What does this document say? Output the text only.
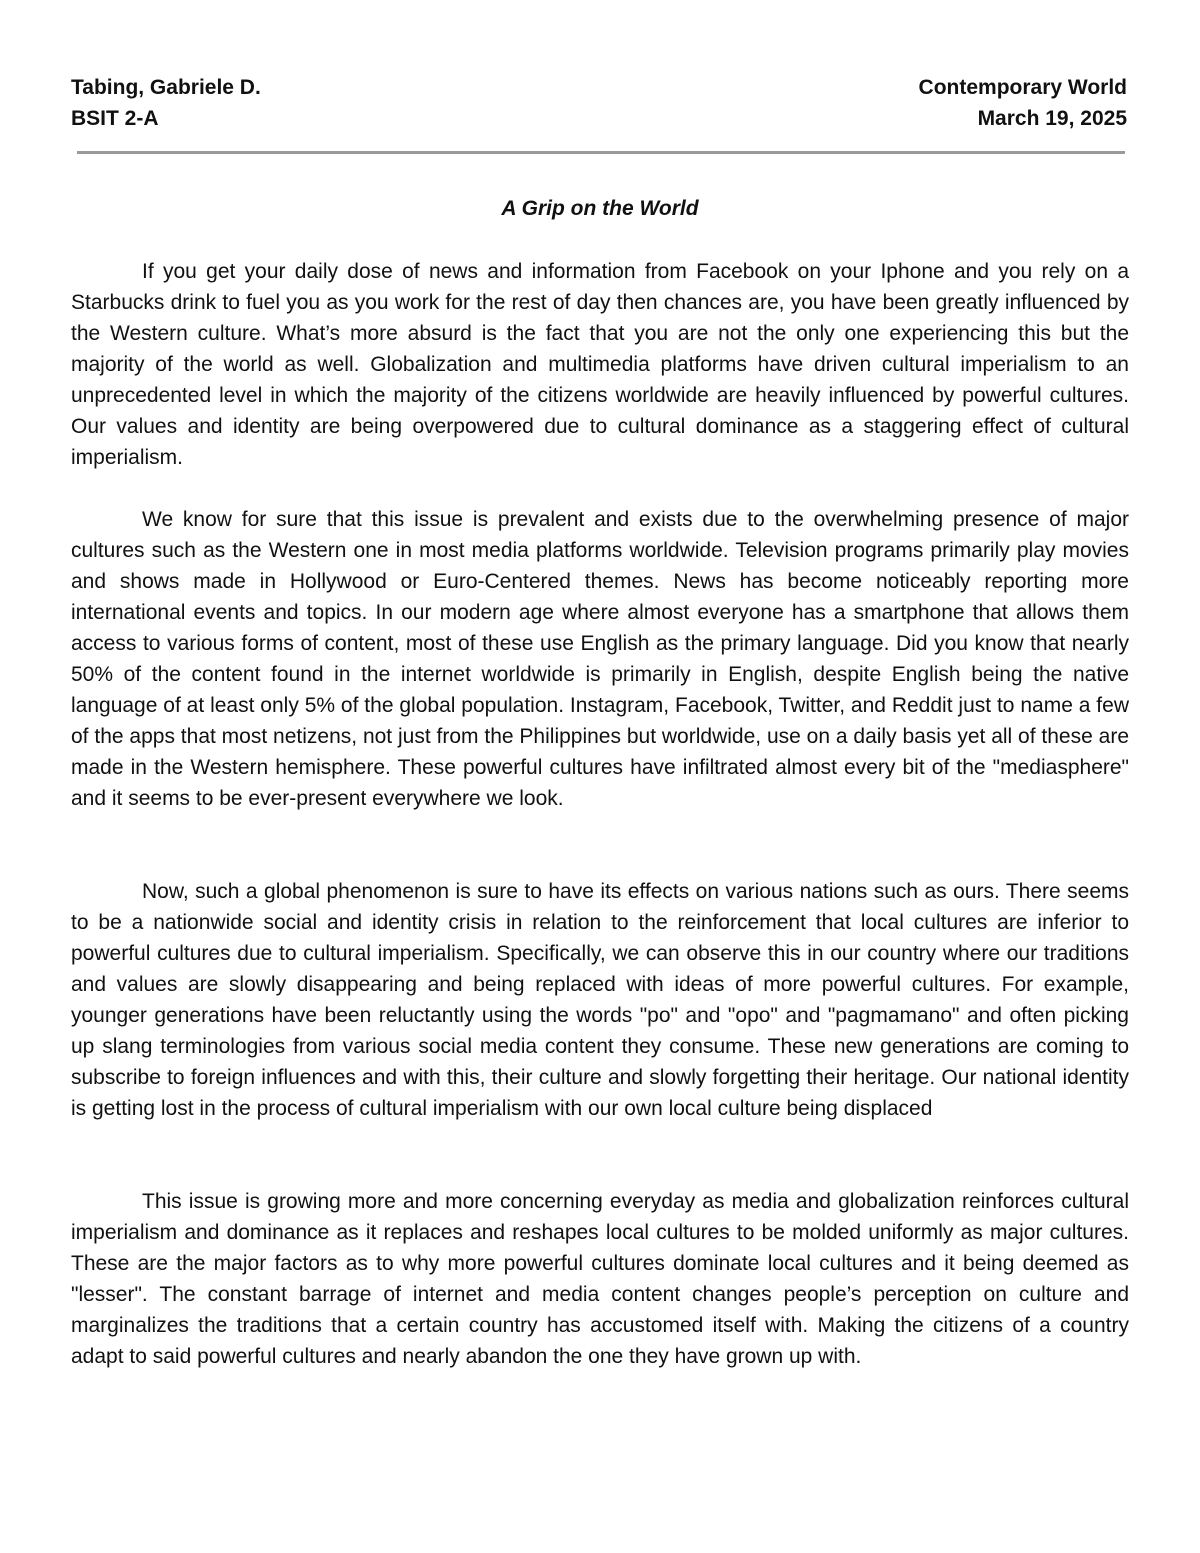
Tabing, Gabriele D.	Contemporary World
BSIT 2-A	March 19, 2025
A Grip on the World

If you get your daily dose of news and information from Facebook on your Iphone and you rely on a Starbucks drink to fuel you as you work for the rest of day then chances are, you have been greatly influenced by the Western culture. What’s more absurd is the fact that you are not the only one experiencing this but the majority of the world as well. Globalization and multimedia platforms have driven cultural imperialism to an unprecedented level in which the majority of the citizens worldwide are heavily influenced by powerful cultures. Our values and identity are being overpowered due to cultural dominance as a staggering effect of cultural imperialism.

We know for sure that this issue is prevalent and exists due to the overwhelming presence of major cultures such as the Western one in most media platforms worldwide. Television programs primarily play movies and shows made in Hollywood or Euro-Centered themes. News has become noticeably reporting more international events and topics. In our modern age where almost everyone has a smartphone that allows them access to various forms of content, most of these use English as the primary language. Did you know that nearly 50% of the content found in the internet worldwide is primarily in English, despite English being the native language of at least only 5% of the global population. Instagram, Facebook, Twitter, and Reddit just to name a few of the apps that most netizens, not just from the Philippines but worldwide, use on a daily basis yet all of these are made in the Western hemisphere. These powerful cultures have infiltrated almost every bit of the "mediasphere" and it seems to be ever-present everywhere we look.

Now, such a global phenomenon is sure to have its effects on various nations such as ours. There seems to be a nationwide social and identity crisis in relation to the reinforcement that local cultures are inferior to powerful cultures due to cultural imperialism. Specifically, we can observe this in our country where our traditions and values are slowly disappearing and being replaced with ideas of more powerful cultures. For example, younger generations have been reluctantly using the words "po" and "opo" and "pagmamano" and often picking up slang terminologies from various social media content they consume. These new generations are coming to subscribe to foreign influences and with this, their culture and slowly forgetting their heritage. Our national identity is getting lost in the process of cultural imperialism with our own local culture being displaced

This issue is growing more and more concerning everyday as media and globalization reinforces cultural imperialism and dominance as it replaces and reshapes local cultures to be molded uniformly as major cultures. These are the major factors as to why more powerful cultures dominate local cultures and it being deemed as "lesser". The constant barrage of internet and media content changes people’s perception on culture and marginalizes the traditions that a certain country has accustomed itself with. Making the citizens of a country adapt to said powerful cultures and nearly abandon the one they have grown up with.
